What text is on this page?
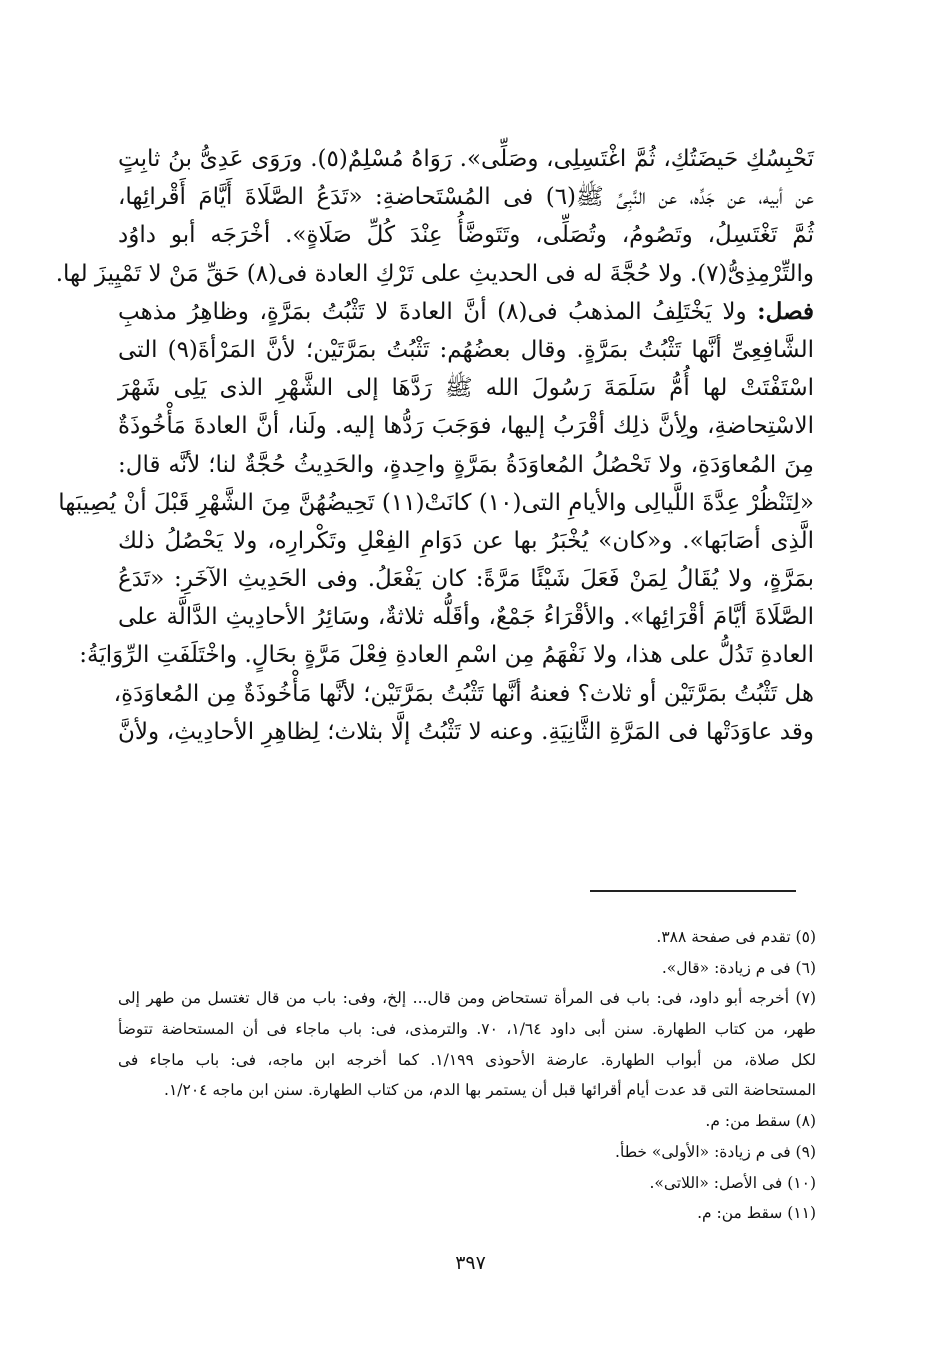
تَحْبِسُكِ حَيضَتُكِ، ثُمَّ اغْتَسِلِى، وصَلِّى». رَوَاهُ مُسْلِمٌ(٥). ورَوَى عَدِىُّ بنُ ثابِتٍ
عن أبيه، عن جَدِّه، عن النَّبِىِّ ﷺ(٦) فى المُسْتَحاضةِ: «تَدَعُ الصَّلَاةَ أَيَّامَ أَقْرائِها،
ثُمَّ تَغْتَسِلُ، وتَصُومُ، وتُصَلِّى، وتَتَوضَّأُ عِنْدَ كُلِّ صَلَاةٍ». أخْرَجَه أبو داوُد
والتِّرْمِذِىُّ(٧). ولا حُجَّةَ له فى الحديثِ على تَرْكِ العادة فى(٨) حَقِّ مَنْ لا تَمْيِيزَ لها.
فصل: ولا يَخْتَلِفُ المذهبُ فى(٨) أنَّ العادةَ لا تَثْبُتُ بمَرَّةٍ، وظاهِرُ مذهبِ
الشَّافِعِىِّ أنَّها تَثْبُتُ بمَرَّةٍ. وقال بعضُهُم: تَثْبُتُ بمَرَّتَيْن؛ لأنَّ المَرْأةَ(٩) التى
اسْتَفْتَتْ لها أُمُّ سَلَمَةَ رَسُولَ الله ﷺ رَدَّهَا إلى الشَّهْرِ الذى يَلِى شَهْرَ
الاسْتِحاضةِ، ولِأنَّ ذلِك أقْرَبُ إليها، فوَجَبَ رَدُّها إليه. ولَنا، أنَّ العادةَ مَأْخُوذَةٌ
مِنَ المُعاوَدَةِ، ولا تَحْصُلُ المُعاوَدَةُ بمَرَّةٍ واحِدةٍ، والحَدِيثُ حُجَّةٌ لنا؛ لأنَّه قال:
«لِتَنْظُرْ عِدَّةَ اللَّيالِى والأيامِ التى(١٠) كانَتْ(١١) تَحِيضُهُنَّ مِنَ الشَّهْرِ قَبْلَ أنْ يُصِيبَها
الَّذِى أصَابَها». و«كان» يُخْبَرُ بها عن دَوَامِ الفِعْلِ وتَكْرارِه، ولا يَحْصُلُ ذلك
بمَرَّةٍ، ولا يُقَالُ لِمَنْ فَعَلَ شَيْئًا مَرَّةً: كان يَفْعَلُ. وفى الحَدِيثِ الآخَرِ: «تَدَعُ
الصَّلَاةَ أيَّامَ أقْرَائِها». والأقْرَاءُ جَمْعٌ، وأقَلُّه ثلاثةٌ، وسَائِرُ الأحادِيثِ الدَّالَّة على
العادةِ تَدُلُّ على هذا، ولا نَفْهَمُ مِن اسْمِ العادةِ فِعْلَ مَرَّةٍ بحَالٍ. واخْتَلَفَتِ الرِّوَايَةُ:
هل تَثْبُتُ بمَرَّتَيْن أو ثلاث؟ فعنهُ أنَّها تَثْبُتُ بمَرَّتَيْن؛ لأنَّها مَأْخُوذَةٌ مِن المُعاوَدَةِ،
وقد عاوَدَتْها فى المَرَّةِ الثَّانِيَةِ. وعنه لا تَثْبُتُ إلَّا بثلاث؛ لِظاهِرِ الأحادِيثِ، ولأنَّ
(٥) تقدم فى صفحة ٣٨٨.
(٦) فى م زيادة: «قال».
(٧) أخرجه أبو داود، فى: باب فى المرأة تستحاض ومن قال... إلخ، وفى: باب من قال تغتسل من طهر إلى
طهر، من كتاب الطهارة. سنن أبى داود ١/٦٤، ٧٠. والترمذى، فى: باب ماجاء فى أن المستحاضة تتوضأ
لكل صلاة، من أبواب الطهارة. عارضة الأحوذى ١/١٩٩. كما أخرجه ابن ماجه، فى: باب ماجاء فى
المستحاضة التى قد عدت أيام أقرائها قبل أن يستمر بها الدم، من كتاب الطهارة. سنن ابن ماجه ١/٢٠٤.
(٨) سقط من: م.
(٩) فى م زيادة: «الأولى» خطأ.
(١٠) فى الأصل: «اللاتى».
(١١) سقط من: م.
٣٩٧
